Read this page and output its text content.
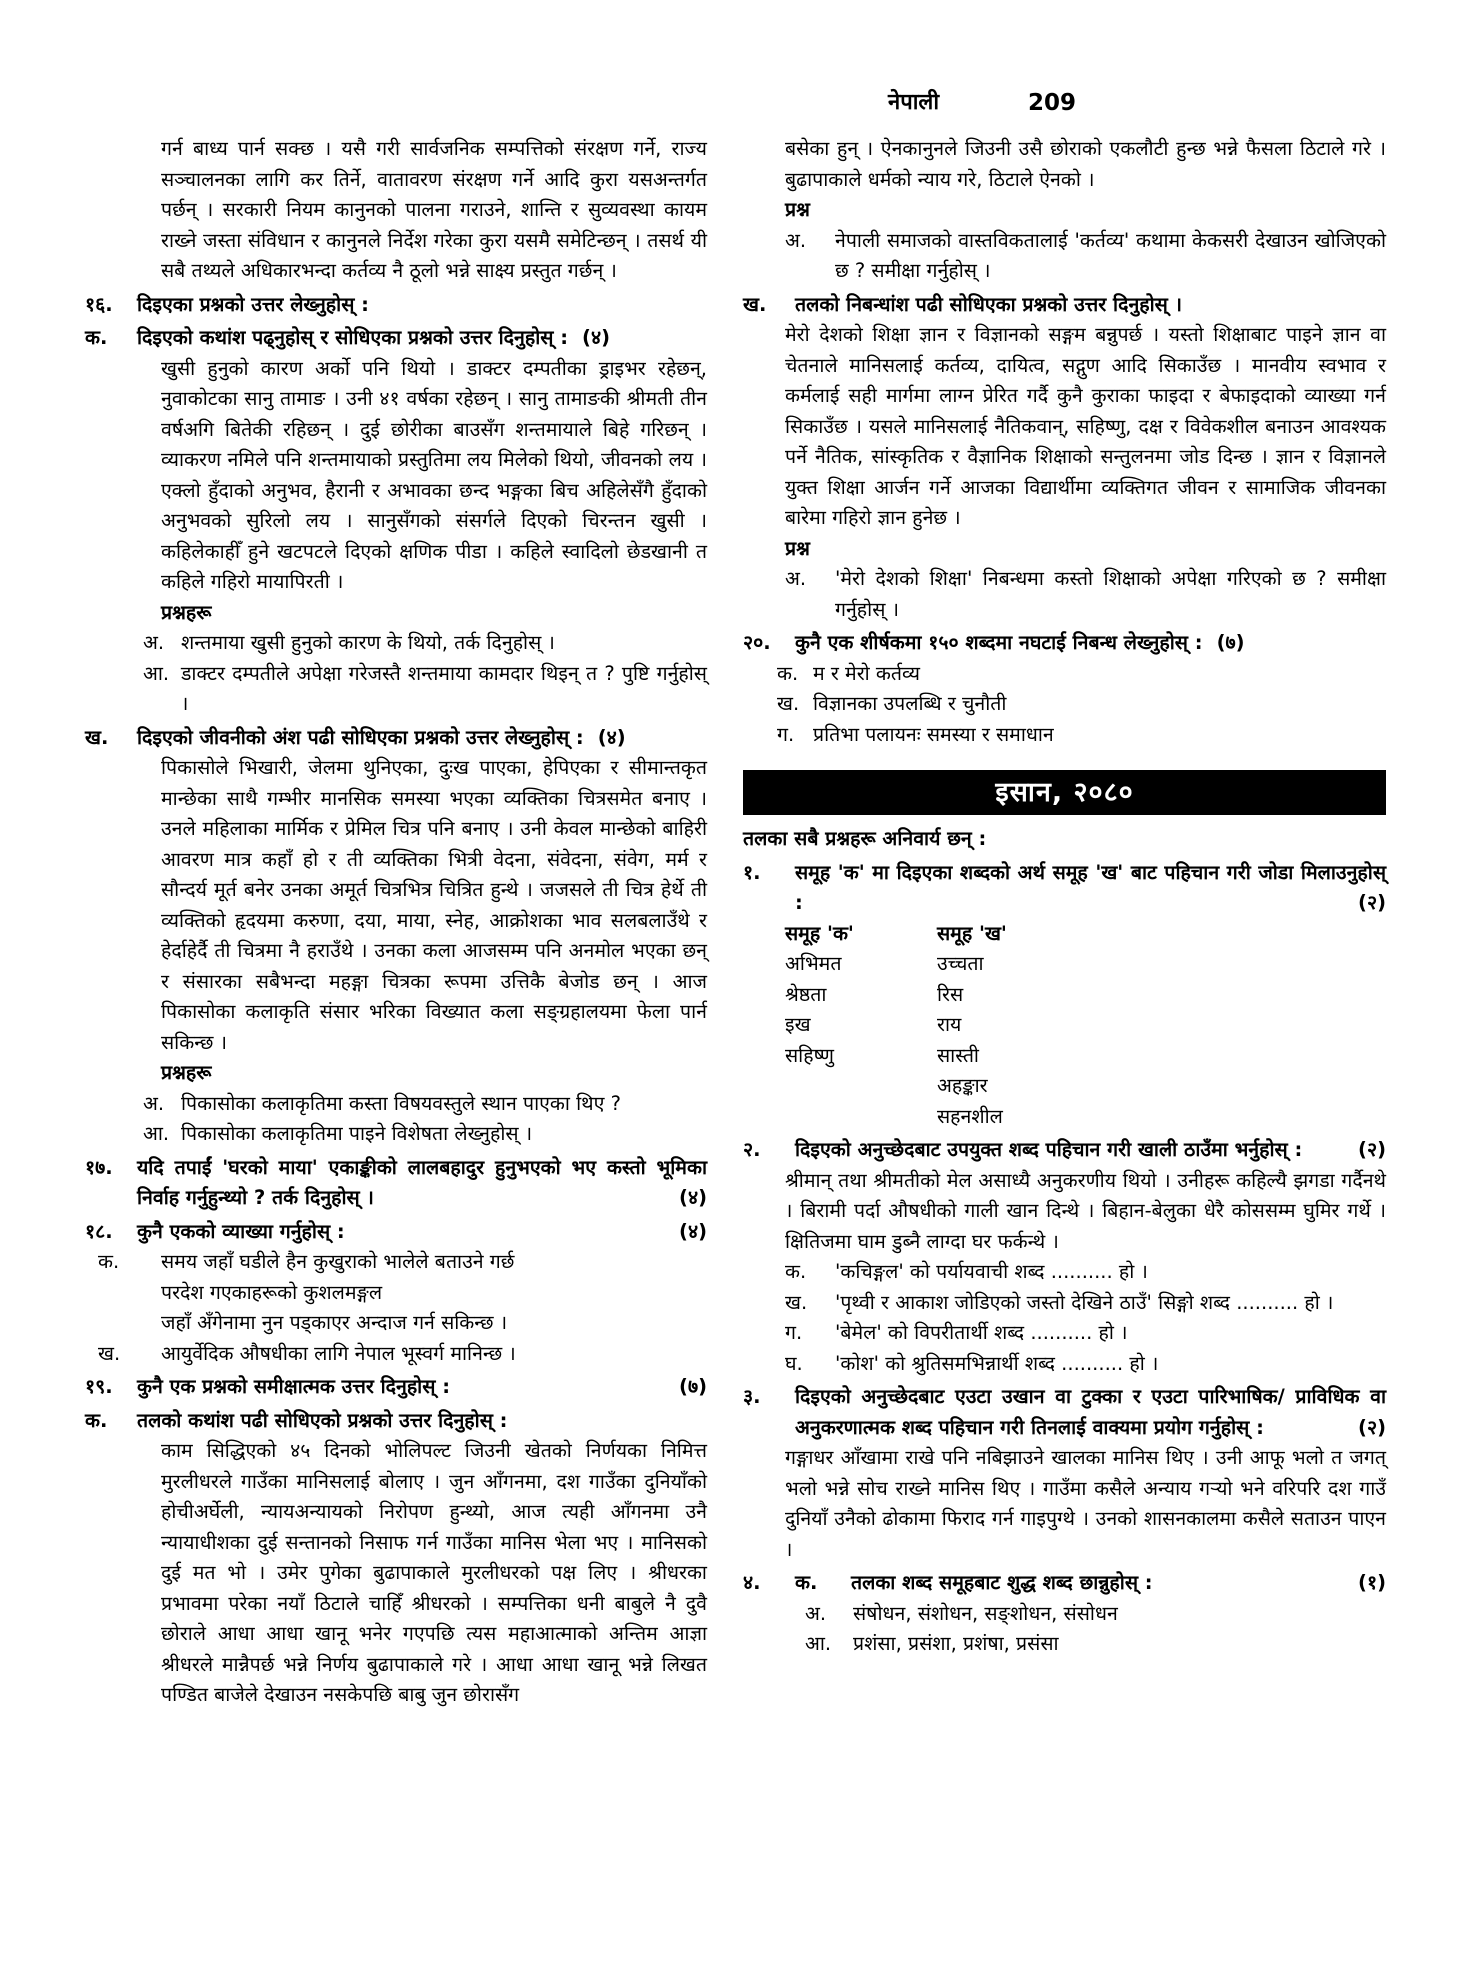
नेपाली	209

गर्न बाध्य पार्न सक्छ । यसै गरी सार्वजनिक सम्पत्तिको संरक्षण गर्ने, राज्य सञ्चालनका लागि कर तिर्ने, वातावरण संरक्षण गर्ने आदि कुरा यसअन्तर्गत पर्छन् । सरकारी नियम कानुनको पालना गराउने, शान्ति र सुव्यवस्था कायम राख्ने जस्ता संविधान र कानुनले निर्देश गरेका कुरा यसमै समेटिन्छन् । तसर्थ यी सबै तथ्यले अधिकारभन्दा कर्तव्य नै ठूलो भन्ने साक्ष्य प्रस्तुत गर्छन् ।

१६.	दिइएका प्रश्नको उत्तर लेख्नुहोस् :
क.	दिइएको कथांश पढ्नुहोस् र सोधिएका प्रश्नको उत्तर दिनुहोस् : (४)

खुसी हुनुको कारण अर्को पनि थियो । डाक्टर दम्पतीका ड्राइभर रहेछन्, नुवाकोटका सानु तामाङ । उनी ४१ वर्षका रहेछन् । सानु तामाङकी श्रीमती तीन वर्षअगि बितेकी रहिछन् । दुई छोरीका बाउसँग शन्तमायाले बिहे गरिछन् । व्याकरण नमिले पनि शन्तमायाको प्रस्तुतिमा लय मिलेको थियो, जीवनको लय । एक्लो हुँदाको अनुभव, हैरानी र अभावका छन्द भङ्गका बिच अहिलेसँगै हुँदाको अनुभवको सुरिलो लय । सानुसँगको संसर्गले दिएको चिरन्तन खुसी । कहिलेकाहीँ हुने खटपटले दिएको क्षणिक पीडा । कहिले स्वादिलो छेडखानी त कहिले गहिरो मायापिरती ।

प्रश्नहरू
अ. शन्तमाया खुसी हुनुको कारण के थियो, तर्क दिनुहोस् ।
आ. डाक्टर दम्पतीले अपेक्षा गरेजस्तै शन्तमाया कामदार थिइन् त ? पुष्टि गर्नुहोस् ।
ख.	दिइएको जीवनीको अंश पढी सोधिएका प्रश्नको उत्तर लेख्नुहोस् : (४)

पिकासोले भिखारी, जेलमा थुनिएका, दुःख पाएका, हेपिएका र सीमान्तकृत मान्छेका साथै गम्भीर मानसिक समस्या भएका व्यक्तिका चित्रसमेत बनाए । उनले महिलाका मार्मिक र प्रेमिल चित्र पनि बनाए । उनी केवल मान्छेको बाहिरी आवरण मात्र कहाँ हो र ती व्यक्तिका भित्री वेदना, संवेदना, संवेग, मर्म र सौन्दर्य मूर्त बनेर उनका अमूर्त चित्रभित्र चित्रित हुन्थे । जजसले ती चित्र हेर्थे ती व्यक्तिको हृदयमा करुणा, दया, माया, स्नेह, आक्रोशका भाव सलबलाउँथे र हेर्दाहेर्दै ती चित्रमा नै हराउँथे । उनका कला आजसम्म पनि अनमोल भएका छन् र संसारका सबैभन्दा महङ्गा चित्रका रूपमा उत्तिकै बेजोड छन् । आज पिकासोका कलाकृति संसार भरिका विख्यात कला सङ्ग्रहालयमा फेला पार्न सकिन्छ ।

प्रश्नहरू
अ. पिकासोका कलाकृतिमा कस्ता विषयवस्तुले स्थान पाएका थिए ?
आ. पिकासोका कलाकृतिमा पाइने विशेषता लेख्नुहोस् ।
१७.	यदि तपाईं 'घरको माया' एकाङ्कीको लालबहादुर हुनुभएको भए कस्तो भूमिका निर्वाह गर्नुहुन्थ्यो ? तर्क दिनुहोस् ।	(४)
१८.	कुनै एकको व्याख्या गर्नुहोस् :	(४)
क.	समय जहाँ घडीले हैन कुखुराको भालेले बताउने गर्छ
परदेश गएकाहरूको कुशलमङ्गल
जहाँ अँगेनामा नुन पड्काएर अन्दाज गर्न सकिन्छ ।
ख.	आयुर्वेदिक औषधीका लागि नेपाल भूस्वर्ग मानिन्छ ।
१९.	कुनै एक प्रश्नको समीक्षात्मक उत्तर दिनुहोस् :	(७)
क.	तलको कथांश पढी सोधिएको प्रश्नको उत्तर दिनुहोस् :

काम सिद्धिएको ४५ दिनको भोलिपल्ट जिउनी खेतको निर्णयका निमित्त मुरलीधरले गाउँका मानिसलाई बोलाए । जुन आँगनमा, दश गाउँका दुनियाँको होचीअर्घेली, न्यायअन्यायको निरोपण हुन्थ्यो, आज त्यही आँगनमा उनै न्यायाधीशका दुई सन्तानको निसाफ गर्न गाउँका मानिस भेला भए । मानिसको दुई मत भो । उमेर पुगेका बुढापाकाले मुरलीधरको पक्ष लिए । श्रीधरका प्रभावमा परेका नयाँ ठिटाले चाहिँ श्रीधरको । सम्पत्तिका धनी बाबुले नै दुवै छोराले आधा आधा खानू भनेर गएपछि त्यस महाआत्माको अन्तिम आज्ञा श्रीधरले मान्नैपर्छ भन्ने निर्णय बुढापाकाले गरे । आधा आधा खानू भन्ने लिखत पण्डित बाजेले देखाउन नसकेपछि बाबु जुन छोरासँग

बसेका हुन् । ऐनकानुनले जिउनी उसै छोराको एकलौटी हुन्छ भन्ने फैसला ठिटाले गरे । बुढापाकाले धर्मको न्याय गरे, ठिटाले ऐनको ।

प्रश्न
अ.	नेपाली समाजको वास्तविकतालाई 'कर्तव्य' कथामा केकसरी देखाउन खोजिएको छ ? समीक्षा गर्नुहोस् ।
ख.	तलको निबन्धांश पढी सोधिएका प्रश्नको उत्तर दिनुहोस् ।

मेरो देशको शिक्षा ज्ञान र विज्ञानको सङ्गम बन्नुपर्छ । यस्तो शिक्षाबाट पाइने ज्ञान वा चेतनाले मानिसलाई कर्तव्य, दायित्व, सद्गुण आदि सिकाउँछ । मानवीय स्वभाव र कर्मलाई सही मार्गमा लाग्न प्रेरित गर्दै कुनै कुराका फाइदा र बेफाइदाको व्याख्या गर्न सिकाउँछ । यसले मानिसलाई नैतिकवान्, सहिष्णु, दक्ष र विवेकशील बनाउन आवश्यक पर्ने नैतिक, सांस्कृतिक र वैज्ञानिक शिक्षाको सन्तुलनमा जोड दिन्छ । ज्ञान र विज्ञानले युक्त शिक्षा आर्जन गर्ने आजका विद्यार्थीमा व्यक्तिगत जीवन र सामाजिक जीवनका बारेमा गहिरो ज्ञान हुनेछ ।

प्रश्न
अ.	'मेरो देशको शिक्षा' निबन्धमा कस्तो शिक्षाको अपेक्षा गरिएको छ ? समीक्षा गर्नुहोस् ।
२०.	कुनै एक शीर्षकमा १५० शब्दमा नघटाई निबन्ध लेख्नुहोस् : (७)
क. म र मेरो कर्तव्य
ख. विज्ञानका उपलब्धि र चुनौती
ग. प्रतिभा पलायनः समस्या र समाधान
इसान, २०८०
तलका सबै प्रश्नहरू अनिवार्य छन् :
१.	समूह 'क' मा दिइएका शब्दको अर्थ समूह 'ख' बाट पहिचान गरी जोडा मिलाउनुहोस् :	(२)
समूह 'क'	समूह 'ख'
अभिमत	उच्चता
श्रेष्ठता	रिस
इख	राय
सहिष्णु	सास्ती
अहङ्कार
सहनशील
२.	दिइएको अनुच्छेदबाट उपयुक्त शब्द पहिचान गरी खाली ठाउँमा भर्नुहोस् :	(२)

श्रीमान् तथा श्रीमतीको मेल असाध्यै अनुकरणीय थियो । उनीहरू कहिल्यै झगडा गर्दैनथे । बिरामी पर्दा औषधीको गाली खान दिन्थे । बिहान-बेलुका धेरै कोससम्म घुमिर गर्थे । क्षितिजमा घाम डुब्नै लाग्दा घर फर्कन्थे ।

क.	'कचिङ्गल' को पर्यायवाची शब्द .......... हो ।
ख.	'पृथ्वी र आकाश जोडिएको जस्तो देखिने ठाउँ' सिङ्गो शब्द .......... हो ।
ग.	'बेमेल' को विपरीतार्थी शब्द .......... हो ।
घ.	'कोश' को श्रुतिसमभिन्नार्थी शब्द .......... हो ।
३.	दिइएको अनुच्छेदबाट एउटा उखान वा टुक्का र एउटा पारिभाषिक/ प्राविधिक वा अनुकरणात्मक शब्द पहिचान गरी तिनलाई वाक्यमा प्रयोग गर्नुहोस् :	(२)

गङ्गाधर आँखामा राखे पनि नबिझाउने खालका मानिस थिए । उनी आफू भलो त जगत् भलो भन्ने सोच राख्ने मानिस थिए । गाउँमा कसैले अन्याय गऱ्यो भने वरिपरि दश गाउँ दुनियाँ उनैको ढोकामा फिराद गर्न गाइपुग्थे । उनको शासनकालमा कसैले सताउन पाएन ।

४.	क.	तलका शब्द समूहबाट शुद्ध शब्द छान्नुहोस् :	(१)
अ.	संषोधन, संशोधन, सङ्शोधन, संसोधन
आ.	प्रशंसा, प्रसंशा, प्रशंषा, प्रसंसा
